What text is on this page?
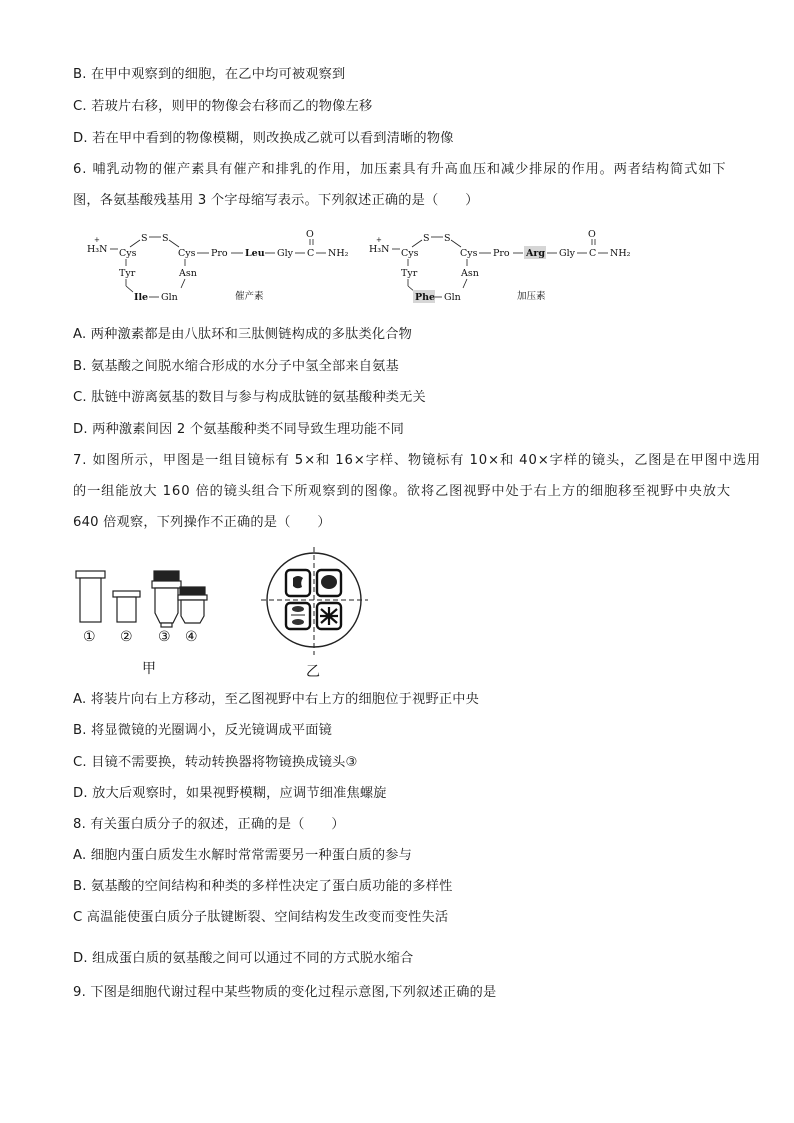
B. 在甲中观察到的细胞，在乙中均可被观察到
C. 若玻片右移，则甲的物像会右移而乙的物像左移
D. 若在甲中看到的物像模糊，则改换成乙就可以看到清晰的物像
6. 哺乳动物的催产素具有催产和排乳的作用，加压素具有升高血压和减少排尿的作用。两者结构简式如下
图，各氨基酸残基用 3 个字母缩写表示。下列叙述正确的是（　　）
H₃N
+
Cys
S S
Cys Pro Leu Gly C
O
NH₂
Tyr	Asn
Ile Gln	催产素
H₃N
+
Cys
S S
Cys Pro Arg Gly C
O
NH₂
Tyr	Asn
Phe Gln	加压素
A. 两种激素都是由八肽环和三肽侧链构成的多肽类化合物
B. 氨基酸之间脱水缩合形成的水分子中氢全部来自氨基
C. 肽链中游离氨基的数目与参与构成肽链的氨基酸种类无关
D. 两种激素间因 2 个氨基酸种类不同导致生理功能不同
7. 如图所示，甲图是一组目镜标有 5×和 16×字样、物镜标有 10×和 40×字样的镜头，乙图是在甲图中选用
的一组能放大 160 倍的镜头组合下所观察到的图像。欲将乙图视野中处于右上方的细胞移至视野中央放大
640 倍观察，下列操作不正确的是（　　）
① ② ③ ④
甲	乙
A. 将装片向右上方移动，至乙图视野中右上方的细胞位于视野正中央
B. 将显微镜的光圈调小，反光镜调成平面镜
C. 目镜不需要换，转动转换器将物镜换成镜头③
D. 放大后观察时，如果视野模糊，应调节细准焦螺旋
8. 有关蛋白质分子的叙述，正确的是（　　）
A. 细胞内蛋白质发生水解时常常需要另一种蛋白质的参与
B. 氨基酸的空间结构和种类的多样性决定了蛋白质功能的多样性
C 高温能使蛋白质分子肽键断裂、空间结构发生改变而变性失活
D. 组成蛋白质的氨基酸之间可以通过不同的方式脱水缩合
9. 下图是细胞代谢过程中某些物质的变化过程示意图,下列叙述正确的是
